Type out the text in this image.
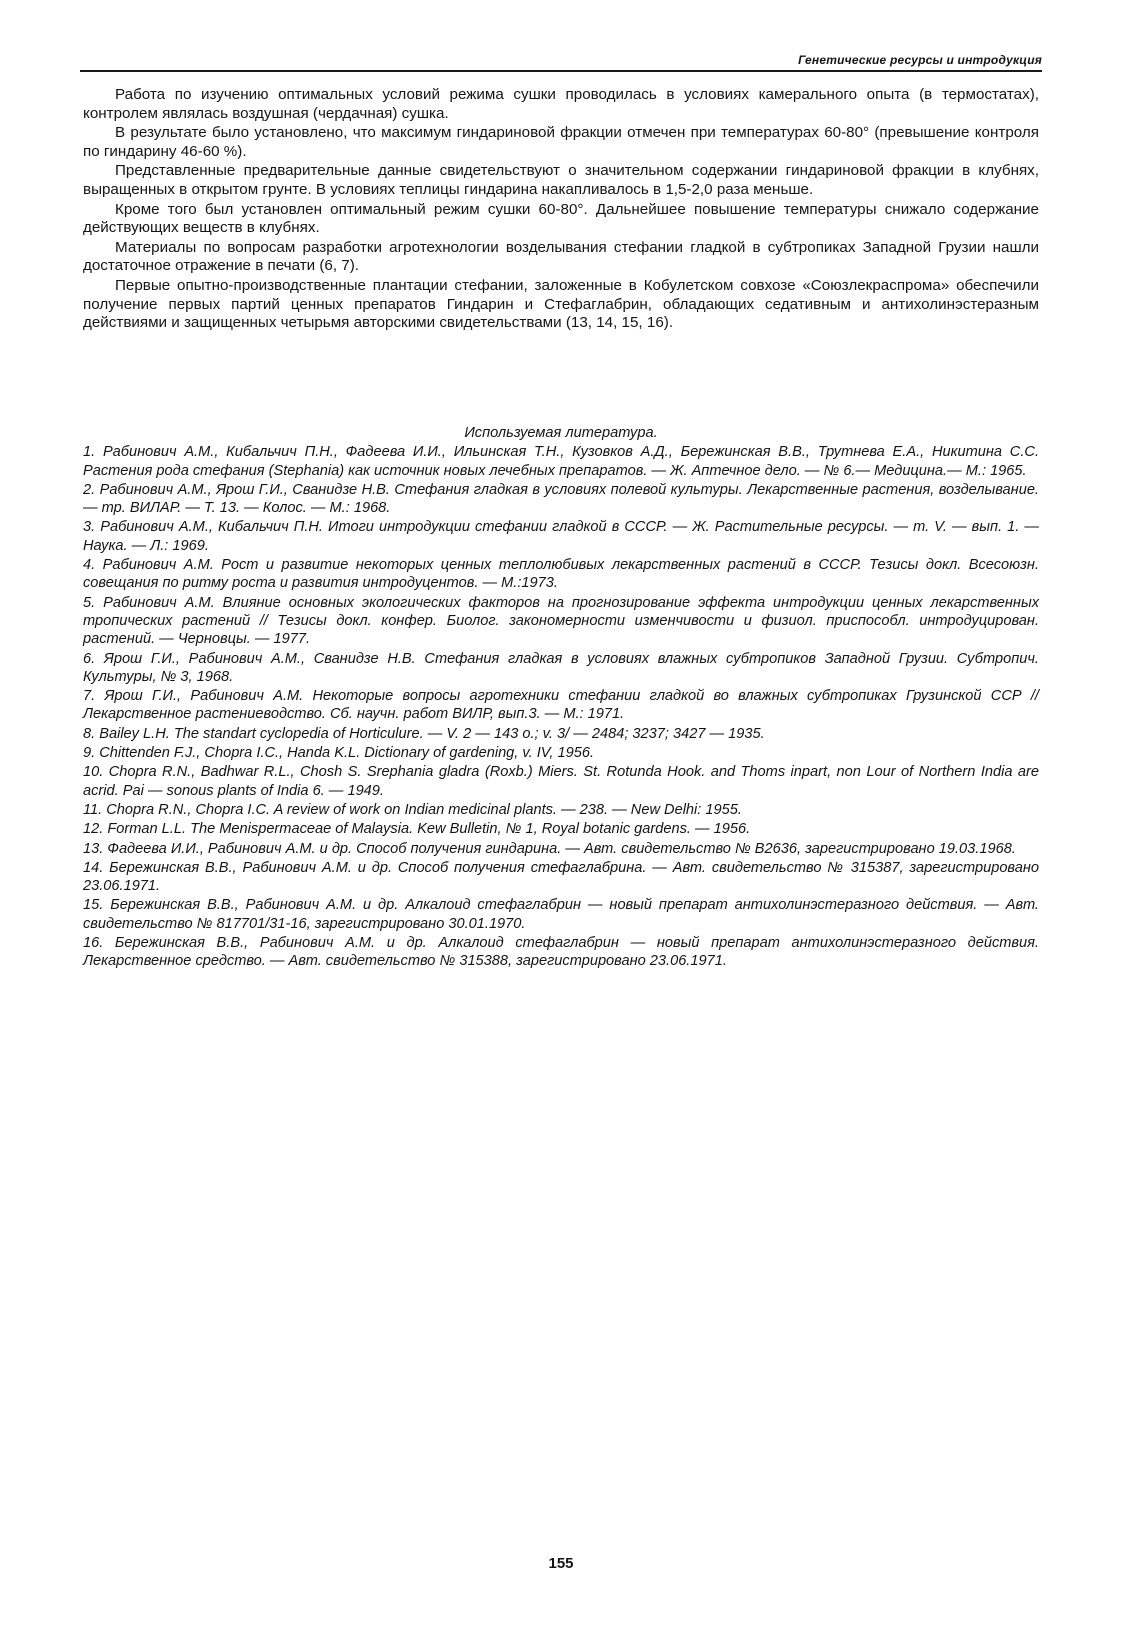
Генетические ресурсы и интродукция

Работа по изучению оптимальных условий режима сушки проводилась в условиях камерального опыта (в термостатах), контролем являлась воздушная (чердачная) сушка.

В результате было установлено, что максимум гиндариновой фракции отмечен при температурах 60-80° (превышение контроля по гиндарину 46-60 %).

Представленные предварительные данные свидетельствуют о значительном содержании гиндариновой фракции в клубнях, выращенных в открытом грунте. В условиях теплицы гиндарина накапливалось в 1,5-2,0 раза меньше.

Кроме того был установлен оптимальный режим сушки 60-80°. Дальнейшее повышение температуры снижало содержание действующих веществ в клубнях.

Материалы по вопросам разработки агротехнологии возделывания стефании гладкой в субтропиках Западной Грузии нашли достаточное отражение в печати (6, 7).

Первые опытно-производственные плантации стефании, заложенные в Кобулетском совхозе «Союзлекраспрома» обеспечили получение первых партий ценных препаратов Гиндарин и Стефаглабрин, обладающих седативным и антихолинэстеразным действиями и защищенных четырьмя авторскими свидетельствами (13, 14, 15, 16).

Используемая литература.
1. Рабинович А.М., Кибальчич П.Н., Фадеева И.И., Ильинская Т.Н., Кузовков А.Д., Бережинская В.В., Трутнева Е.А., Никитина С.С. Растения рода стефания (Stephania) как источник новых лечебных препаратов. — Ж. Аптечное дело. — № 6.— Медицина.— М.: 1965.
2. Рабинович А.М., Ярош Г.И., Сванидзе Н.В. Стефания гладкая в условиях полевой культуры. Лекарственные растения, возделывание. — тр. ВИЛАР. — Т. 13. — Колос. — М.: 1968.
3. Рабинович А.М., Кибальчич П.Н. Итоги интродукции стефании гладкой в СССР. — Ж. Растительные ресурсы. — т. V. — вып. 1. — Наука. — Л.: 1969.
4. Рабинович А.М. Рост и развитие некоторых ценных теплолюбивых лекарственных растений в СССР. Тезисы докл. Всесоюзн. совещания по ритму роста и развития интродуцентов. — М.:1973.
5. Рабинович А.М. Влияние основных экологических факторов на прогнозирование эффекта интродукции ценных лекарственных тропических растений // Тезисы докл. конфер. Биолог. закономерности изменчивости и физиол. приспособл. интродуцирован. растений. — Черновцы. — 1977.
6. Ярош Г.И., Рабинович А.М., Сванидзе Н.В. Стефания гладкая в условиях влажных субтропиков Западной Грузии. Субтропич. Культуры, № 3, 1968.
7. Ярош Г.И., Рабинович А.М. Некоторые вопросы агротехники стефании гладкой во влажных субтропиках Грузинской ССР // Лекарственное растениеводство. Сб. научн. работ ВИЛР, вып.3. — М.: 1971.
8. Bailey L.H. The standart cyclopedia of Horticulure. — V. 2 — 143 о.; v. 3/ — 2484; 3237; 3427 — 1935.
9. Chittenden F.J., Chopra I.C., Handa K.L. Dictionary of gardening, v. IV, 1956.
10. Chopra R.N., Badhwar R.L., Chosh S. Srephania gladra (Roxb.) Miers. St. Rotunda Hook. and Thoms inpart, non Lour of Northern India are acrid. Pai — sonous plants of India 6. — 1949.
11. Chopra R.N., Chopra I.C. A review of work on Indian medicinal plants. — 238. — New Delhi: 1955.
12. Forman L.L. The Menispermaceae of Malaysia. Kew Bulletin, № 1, Royal botanic gardens. — 1956.
13. Фадеева И.И., Рабинович А.М. и др. Способ получения гиндарина. — Авт. свидетельство № В2636, зарегистрировано 19.03.1968.
14. Бережинская В.В., Рабинович А.М. и др. Способ получения стефаглабрина. — Авт. свидетельство № 315387, зарегистрировано 23.06.1971.
15. Бережинская В.В., Рабинович А.М. и др. Алкалоид стефаглабрин — новый препарат антихолинэстеразного действия. — Авт. свидетельство № 817701/31-16, зарегистрировано 30.01.1970.
16. Бережинская В.В., Рабинович А.М. и др. Алкалоид стефаглабрин — новый препарат антихолинэстеразного действия. Лекарственное средство. — Авт. свидетельство № 315388, зарегистрировано 23.06.1971.
155
